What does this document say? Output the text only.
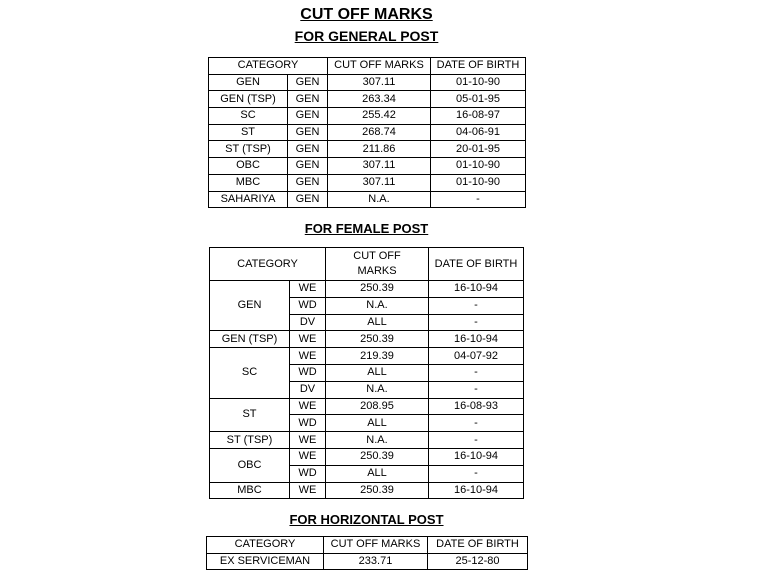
CUT OFF MARKS
FOR GENERAL POST
FOR FEMALE POST
FOR HORIZONTAL POST
CATEGORY		CUT OFF MARKS	DATE OF BIRTH
GEN	GEN	307.11	01-10-90
GEN (TSP)	GEN	263.34	05-01-95
SC	GEN	255.42	16-08-97
ST	GEN	268.74	04-06-91
ST (TSP)	GEN	211.86	20-01-95
OBC	GEN	307.11	01-10-90
MBC	GEN	307.11	01-10-90
SAHARIYA	GEN	N.A.	-
CATEGORY		CUT OFF MARKS	DATE OF BIRTH
GEN	WE	250.39	16-10-94
	WD	N.A.	-
	DV	ALL	-
GEN (TSP)	WE	250.39	16-10-94
SC	WE	219.39	04-07-92
	WD	ALL	-
	DV	N.A.	-
ST	WE	208.95	16-08-93
	WD	ALL	-
ST (TSP)	WE	N.A.	-
OBC	WE	250.39	16-10-94
	WD	ALL	-
MBC	WE	250.39	16-10-94
CATEGORY	CUT OFF MARKS	DATE OF BIRTH
EX SERVICEMAN	233.71	25-12-80
